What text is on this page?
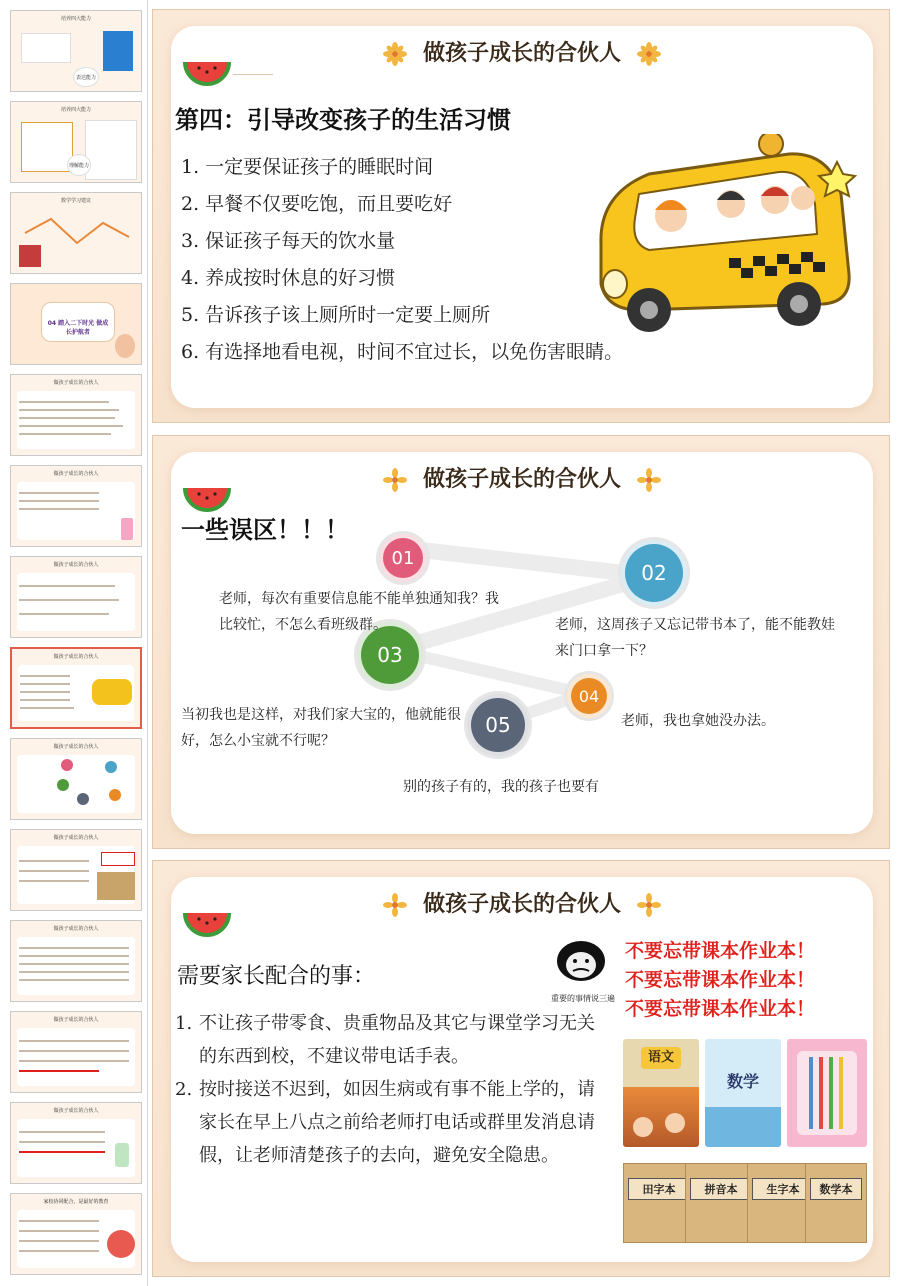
培养四大能力
表达能力
培养四大能力
理解能力
数学学习建议
04 踏入二下时光 做成长护航者
做孩子成长的合伙人
做孩子成长的合伙人
做孩子成长的合伙人
做孩子成长的合伙人
做孩子成长的合伙人
做孩子成长的合伙人
做孩子成长的合伙人
做孩子成长的合伙人
做孩子成长的合伙人
家校协同配合，是最好的教育
做孩子成长的合伙人
第四：引导改变孩子的生活习惯
1. 一定要保证孩子的睡眠时间
2. 早餐不仅要吃饱，而且要吃好
3. 保证孩子每天的饮水量
4. 养成按时休息的好习惯
5. 告诉孩子该上厕所时一定要上厕所
6. 有选择地看电视，时间不宜过长，以免伤害眼睛。
做孩子成长的合伙人
一些误区！！！
01
02
03
04
05
老师，每次有重要信息能不能单独通知我？我比较忙，不怎么看班级群。	老师，这周孩子又忘记带书本了，能不能教娃来门口拿一下？
当初我也是这样，对我们家大宝的，他就能很好，怎么小宝就不行呢？
老师，我也拿她没办法。
别的孩子有的，我的孩子也要有
做孩子成长的合伙人
需要家长配合的事：
1. 不让孩子带零食、贵重物品及其它与课堂学习无关的东西到校，不建议带电话手表。
2. 按时接送不迟到，如因生病或有事不能上学的，请家长在早上八点之前给老师打电话或群里发消息请假，让老师清楚孩子的去向，避免安全隐患。
重要的事情说三遍
不要忘带课本作业本！
不要忘带课本作业本！
不要忘带课本作业本！
语文
数学
田字本	拼音本	生字本	数学本
